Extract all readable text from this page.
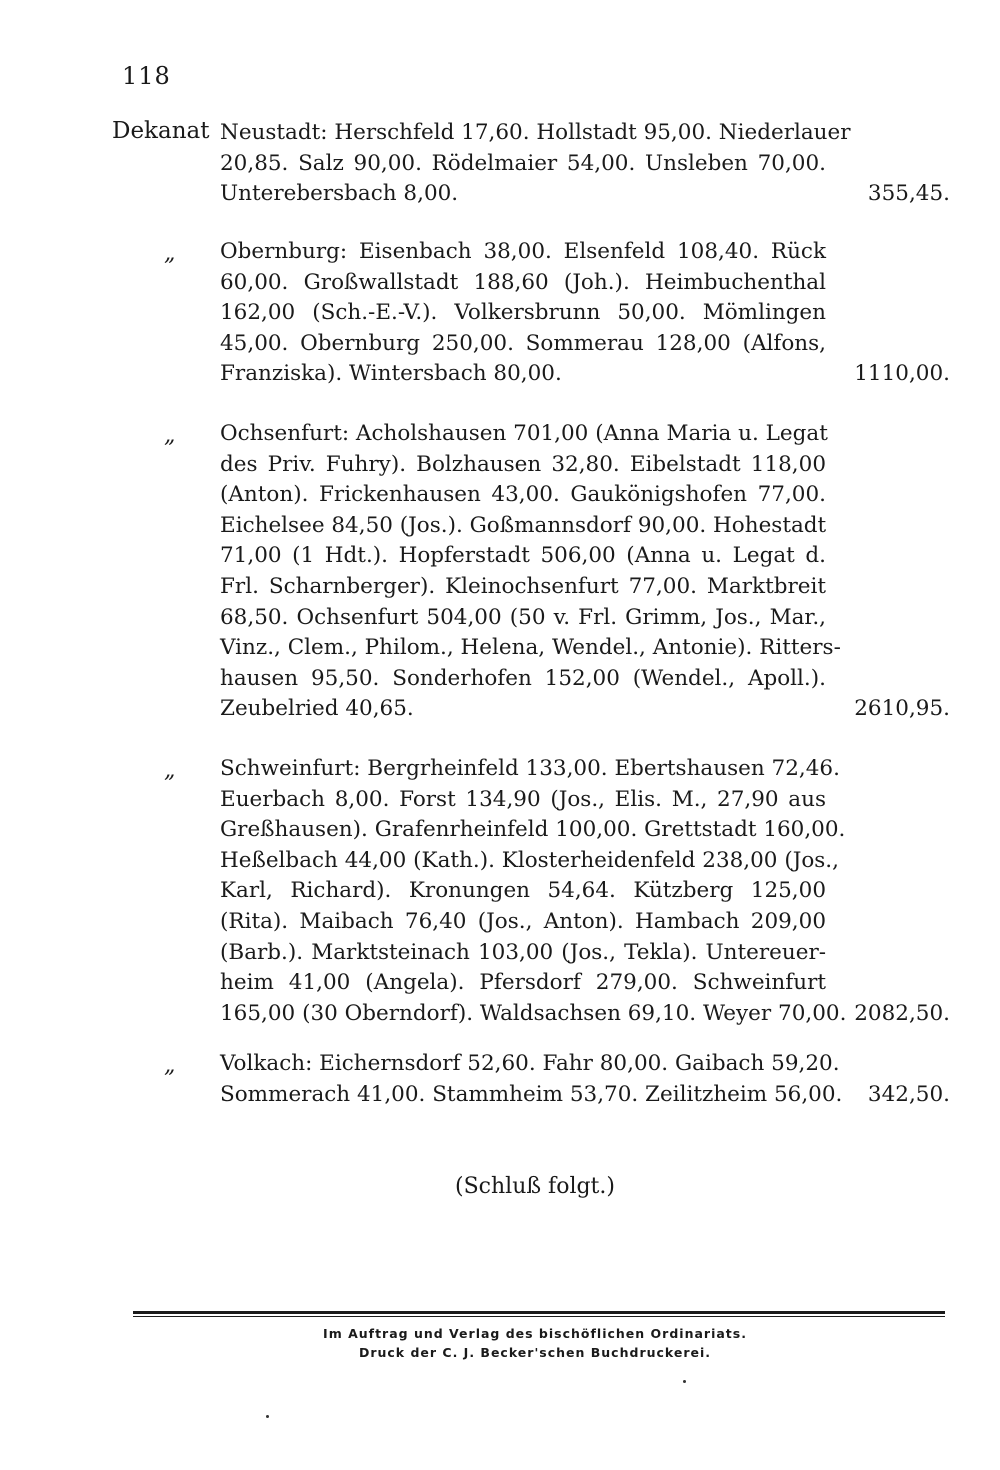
118
Dekanat Neustadt: Herschfeld 17,60. Hollstadt 95,00. Niederlauer
20,85. Salz 90,00. Rödelmaier 54,00. Unsleben 70,00.
Unterebersbach 8,00.	355,45.
„ Obernburg: Eisenbach 38,00. Elsenfeld 108,40. Rück
60,00. Großwallstadt 188,60 (Joh.). Heimbuchenthal
162,00 (Sch.-E.-V.). Volkersbrunn 50,00. Mömlingen
45,00. Obernburg 250,00. Sommerau 128,00 (Alfons,
Franziska). Wintersbach 80,00.	1110,00.
„ Ochsenfurt: Acholshausen 701,00 (Anna Maria u. Legat
des Priv. Fuhry). Bolzhausen 32,80. Eibelstadt 118,00
(Anton). Frickenhausen 43,00. Gaukönigshofen 77,00.
Eichelsee 84,50 (Jos.). Goßmannsdorf 90,00. Hohestadt
71,00 (1 Hdt.). Hopferstadt 506,00 (Anna u. Legat d.
Frl. Scharnberger). Kleinochsenfurt 77,00. Marktbreit
68,50. Ochsenfurt 504,00 (50 v. Frl. Grimm, Jos., Mar.,
Vinz., Clem., Philom., Helena, Wendel., Antonie). Ritters-
hausen 95,50. Sonderhofen 152,00 (Wendel., Apoll.).
Zeubelried 40,65.	2610,95.
„ Schweinfurt: Bergrheinfeld 133,00. Ebertshausen 72,46.
Euerbach 8,00. Forst 134,90 (Jos., Elis. M., 27,90 aus
Greßhausen). Grafenrheinfeld 100,00. Grettstadt 160,00.
Heßelbach 44,00 (Kath.). Klosterheidenfeld 238,00 (Jos.,
Karl, Richard). Kronungen 54,64. Kützberg 125,00
(Rita). Maibach 76,40 (Jos., Anton). Hambach 209,00
(Barb.). Marktsteinach 103,00 (Jos., Tekla). Untereuer-
heim 41,00 (Angela). Pfersdorf 279,00. Schweinfurt
165,00 (30 Oberndorf). Waldsachsen 69,10. Weyer 70,00. 2082,50.
„ Volkach: Eichernsdorf 52,60. Fahr 80,00. Gaibach 59,20.
Sommerach 41,00. Stammheim 53,70. Zeilitzheim 56,00.	342,50.
(Schluß folgt.)
Im Auftrag und Verlag des bischöflichen Ordinariats.
Druck der C. J. Becker'schen Buchdruckerei.
